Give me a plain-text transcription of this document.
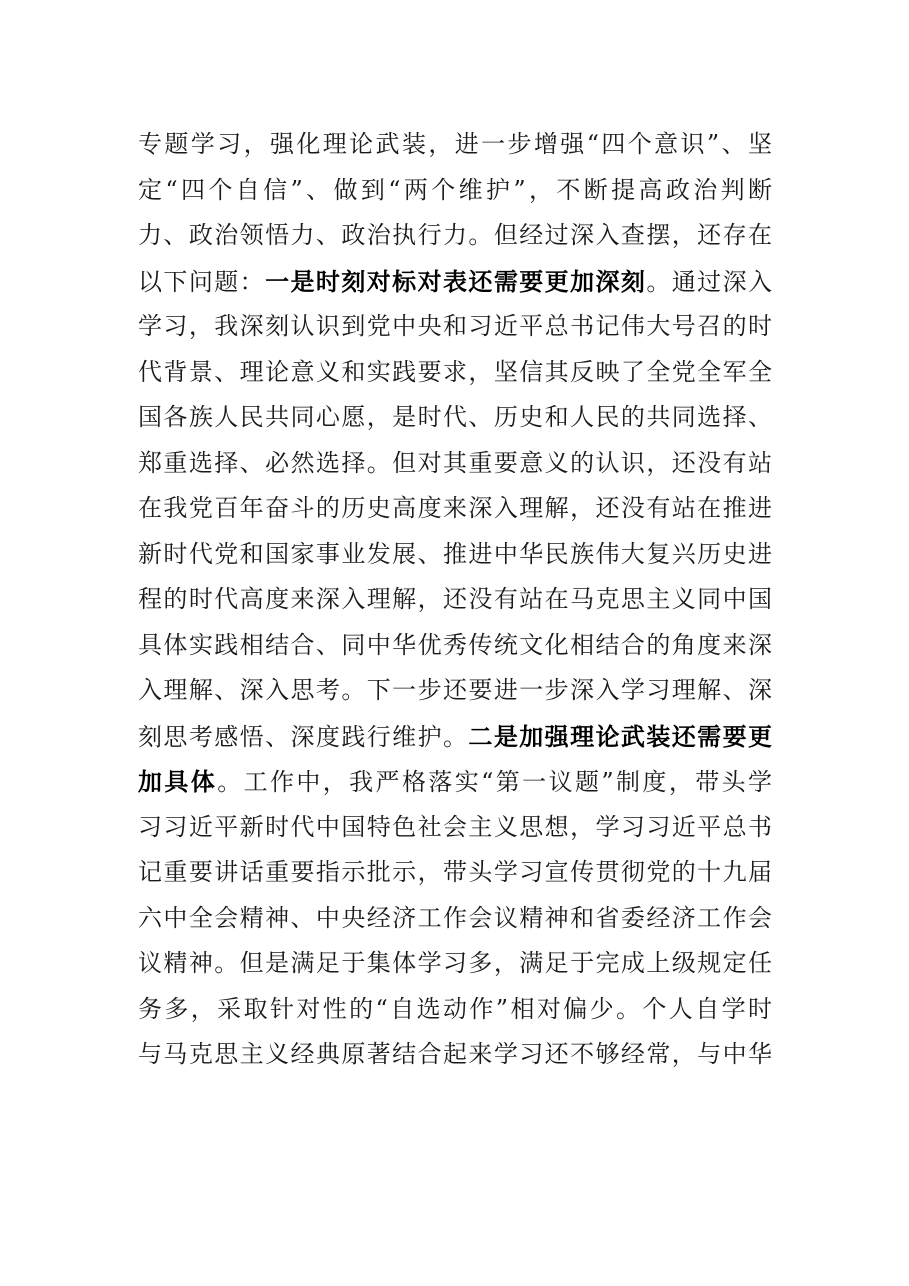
专题学习，强化理论武装，进一步增强“四个意识”、坚
定“四个自信”、做到“两个维护”，不断提高政治判断
力、政治领悟力、政治执行力。但经过深入查摆，还存在
以下问题：一是时刻对标对表还需要更加深刻。通过深入
学习，我深刻认识到党中央和习近平总书记伟大号召的时
代背景、理论意义和实践要求，坚信其反映了全党全军全
国各族人民共同心愿，是时代、历史和人民的共同选择、
郑重选择、必然选择。但对其重要意义的认识，还没有站
在我党百年奋斗的历史高度来深入理解，还没有站在推进
新时代党和国家事业发展、推进中华民族伟大复兴历史进
程的时代高度来深入理解，还没有站在马克思主义同中国
具体实践相结合、同中华优秀传统文化相结合的角度来深
入理解、深入思考。下一步还要进一步深入学习理解、深
刻思考感悟、深度践行维护。二是加强理论武装还需要更
加具体。工作中，我严格落实“第一议题”制度，带头学
习习近平新时代中国特色社会主义思想，学习习近平总书
记重要讲话重要指示批示，带头学习宣传贯彻党的十九届
六中全会精神、中央经济工作会议精神和省委经济工作会
议精神。但是满足于集体学习多，满足于完成上级规定任
务多，采取针对性的“自选动作”相对偏少。个人自学时
与马克思主义经典原著结合起来学习还不够经常，与中华
